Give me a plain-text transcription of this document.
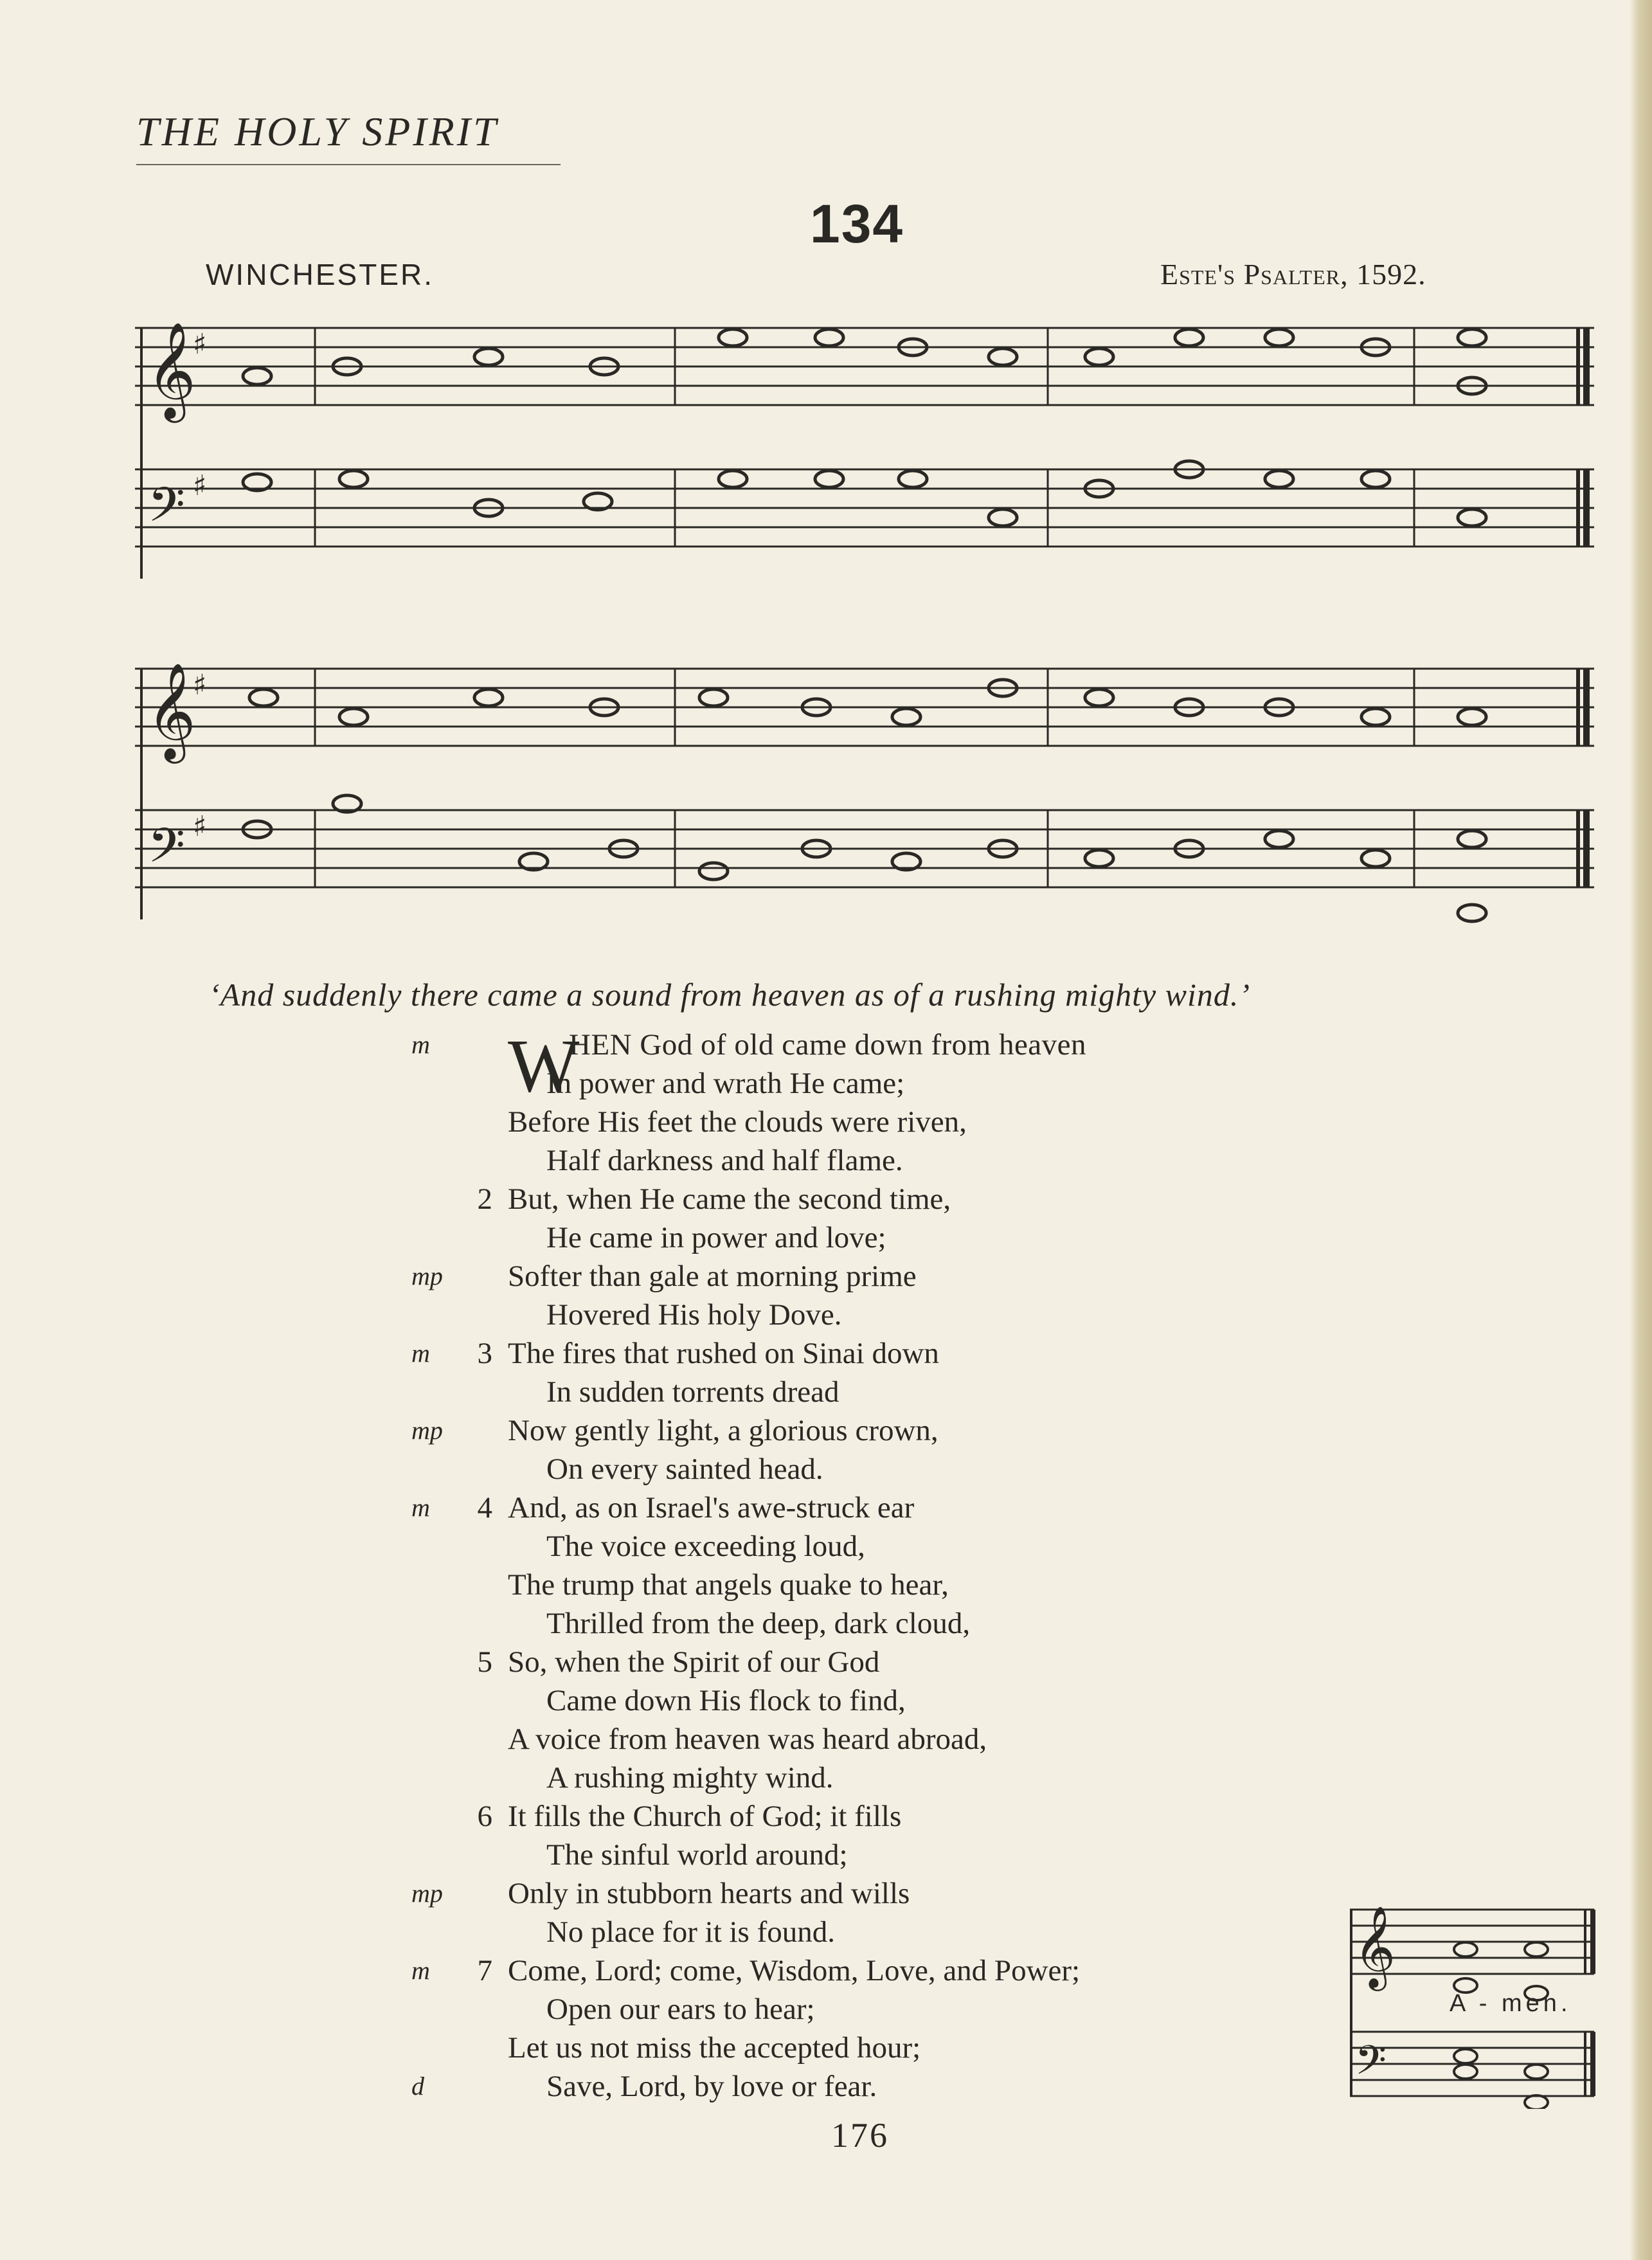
THE HOLY SPIRIT
134
WINCHESTER.	Este's Psalter, 1592.
𝄞
𝄢
♯
♯
𝄞
𝄢
♯
♯
‘And suddenly there came a sound from heaven as of a rushing mighty wind.’
W
m	HEN God of old came down from heaven
In power and wrath He came;
Before His feet the clouds were riven,
Half darkness and half flame.
2 But, when He came the second time,
He came in power and love;
mp	Softer than gale at morning prime
Hovered His holy Dove.
m	3 The fires that rushed on Sinai down
In sudden torrents dread
mp	Now gently light, a glorious crown,
On every sainted head.
m	4 And, as on Israel's awe-struck ear
The voice exceeding loud,
The trump that angels quake to hear,
Thrilled from the deep, dark cloud,
5 So, when the Spirit of our God
Came down His flock to find,
A voice from heaven was heard abroad,
A rushing mighty wind.
6 It fills the Church of God; it fills
The sinful world around;
mp	Only in stubborn hearts and wills
No place for it is found.
m	7 Come, Lord; come, Wisdom, Love, and Power;
Open our ears to hear;
Let us not miss the accepted hour;
d	Save, Lord, by love or fear.
𝄞
𝄢
A - men.
176
